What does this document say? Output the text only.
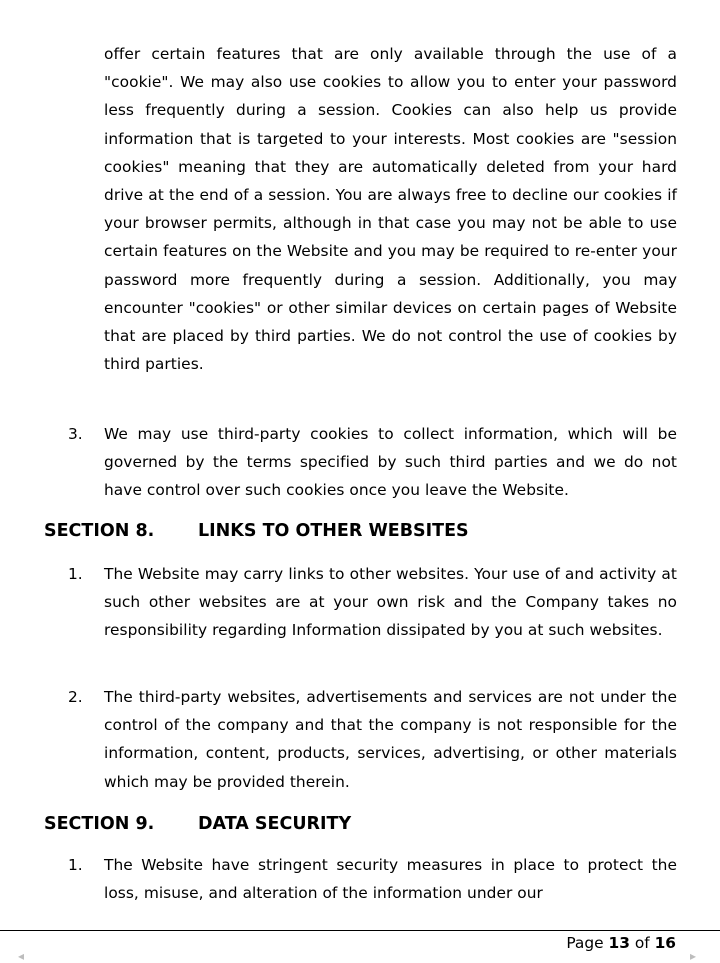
offer certain features that are only available through the use of a "cookie". We may also use cookies to allow you to enter your password less frequently during a session. Cookies can also help us provide information that is targeted to your interests. Most cookies are "session cookies" meaning that they are automatically deleted from your hard drive at the end of a session. You are always free to decline our cookies if your browser permits, although in that case you may not be able to use certain features on the Website and you may be required to re-enter your password more frequently during a session. Additionally, you may encounter "cookies" or other similar devices on certain pages of Website that are placed by third parties. We do not control the use of cookies by third parties.
3. We may use third-party cookies to collect information, which will be governed by the terms specified by such third parties and we do not have control over such cookies once you leave the Website.
SECTION 8. LINKS TO OTHER WEBSITES
1. The Website may carry links to other websites. Your use of and activity at such other websites are at your own risk and the Company takes no responsibility regarding Information dissipated by you at such websites.
2. The third-party websites, advertisements and services are not under the control of the company and that the company is not responsible for the information, content, products, services, advertising, or other materials which may be provided therein.
SECTION 9. DATA SECURITY
1. The Website have stringent security measures in place to protect the loss, misuse, and alteration of the information under our
Page 13 of 16
◂	▸
